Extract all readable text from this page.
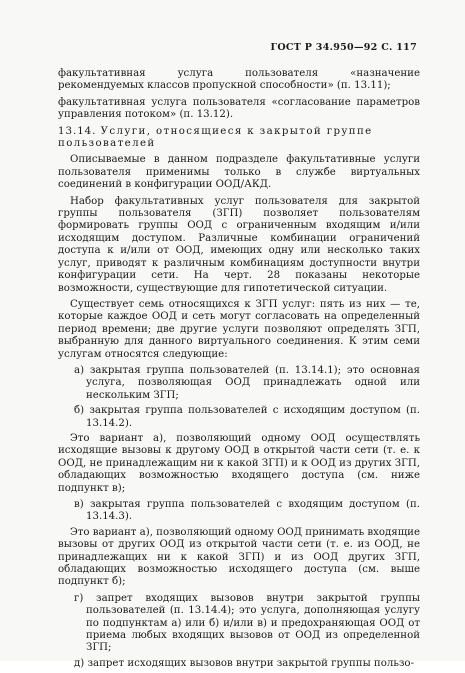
ГОСТ Р 34.950—92 С. 117

факультативная услуга пользователя «назначение рекомендуемых классов пропускной способности» (п. 13.11);

факультативная услуга пользователя «согласование параметров управления потоком» (п. 13.12).

13.14. Услуги, относящиеся к закрытой группе пользователей

Описываемые в данном подразделе факультативные услуги пользователя применимы только в службе виртуальных соединений в конфигурации ООД/АКД.

Набор факультативных услуг пользователя для закрытой группы пользователя (ЗГП) позволяет пользователям формировать группы ООД с ограниченным входящим и/или исходящим доступом. Различные комбинации ограничений доступа к и/или от ООД, имеющих одну или несколько таких услуг, приводят к различным комбинациям доступности внутри конфигурации сети. На черт. 28 показаны некоторые возможности, существующие для гипотетической ситуации.

Существует семь относящихся к ЗГП услуг: пять из них — те, которые каждое ООД и сеть могут согласовать на определенный период времени; две другие услуги позволяют определять ЗГП, выбранную для данного виртуального соединения. К этим семи услугам относятся следующие:

а) закрытая группа пользователей (п. 13.14.1); это основная услуга, позволяющая ООД принадлежать одной или нескольким ЗГП;

б) закрытая группа пользователей с исходящим доступом (п. 13.14.2).

Это вариант а), позволяющий одному ООД осуществлять исходящие вызовы к другому ООД в открытой части сети (т. е. к ООД, не принадлежащим ни к какой ЗГП) и к ООД из других ЗГП, обладающих возможностью входящего доступа (см. ниже подпункт в);

в) закрытая группа пользователей с входящим доступом (п. 13.14.3).

Это вариант а), позволяющий одному ООД принимать входящие вызовы от других ООД из открытой части сети (т. е. из ООД, не принадлежащих ни к какой ЗГП) и из ООД других ЗГП, обладающих возможностью исходящего доступа (см. выше подпункт б);

г) запрет входящих вызовов внутри закрытой группы пользователей (п. 13.14.4); это услуга, дополняющая услугу по подпунктам а) или б) и/или в) и предохраняющая ООД от приема любых входящих вызовов от ООД из определенной ЗГП;

д) запрет исходящих вызовов внутри закрытой группы пользо-
